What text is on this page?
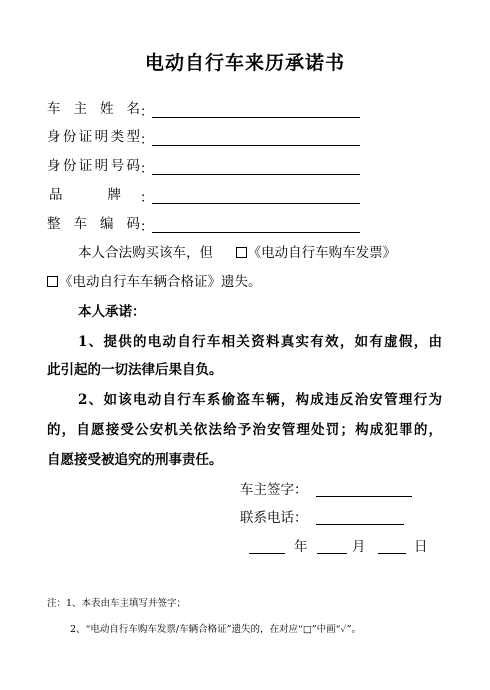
电动自行车来历承诺书
车 主 姓 名 ：
身 份 证 明 类 型 ：
身 份 证 明 号 码 ：
品	牌 ：
整 车 编 码 ：
本人合法购买该车，但	《电动自行车购车发票》
《电动自行车车辆合格证》遗失。
本人承诺：
1、提供的电动自行车相关资料真实有效，如有虚假，由
此引起的一切法律后果自负。
2、如该电动自行车系偷盗车辆，构成违反治安管理行为
的，自愿接受公安机关依法给予治安管理处罚；构成犯罪的，
自愿接受被追究的刑事责任。
车主签字：
联系电话：
年	月	日
注：1、本表由车主填写并签字；
2、“电动自行车购车发票/车辆合格证”遗失的，在对应“□”中画“✓”。
